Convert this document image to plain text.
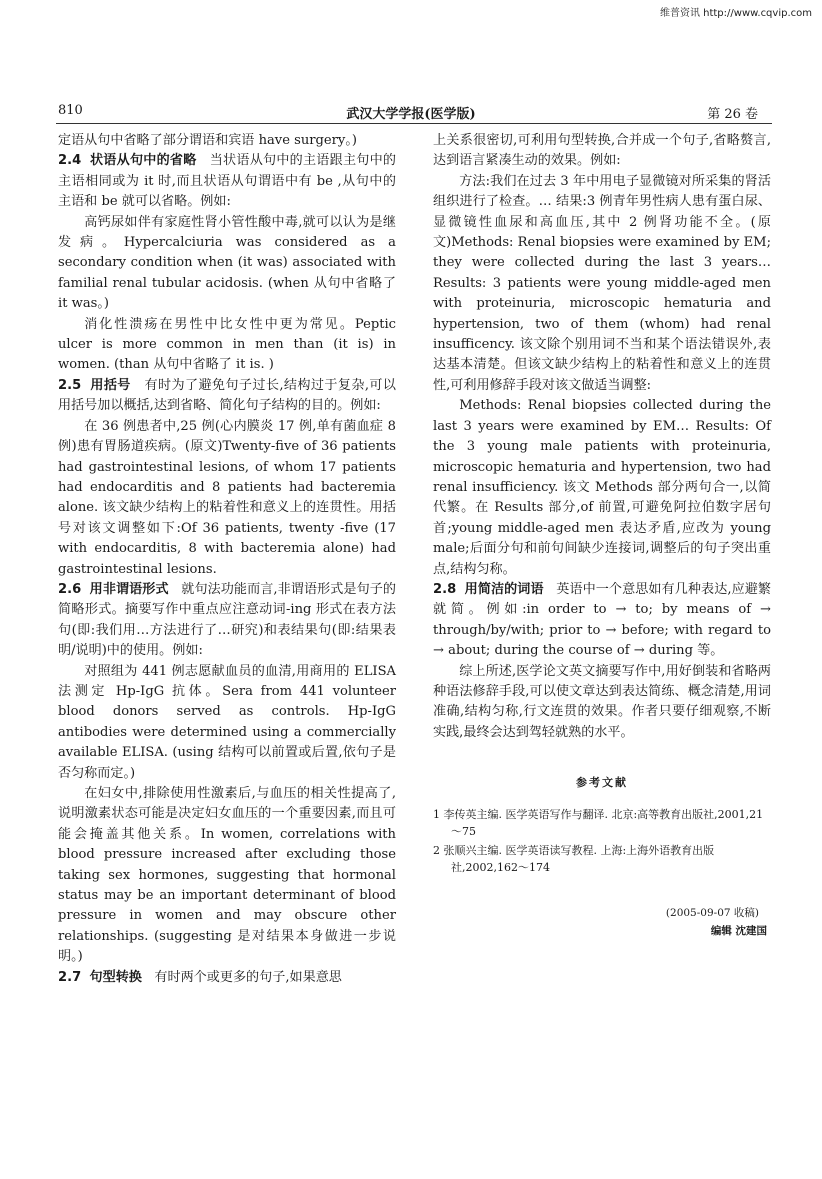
维普资讯 http://www.cqvip.com
810	武汉大学学报(医学版)	第 26 卷

定语从句中省略了部分谓语和宾语 have surgery。)

2.4 状语从句中的省略 当状语从句中的主语跟主句中的主语相同或为 it 时,而且状语从句谓语中有 be ,从句中的主语和 be 就可以省略。例如:

高钙尿如伴有家庭性肾小管性酸中毒,就可以认为是继发病。Hypercalciuria was considered as a secondary condition when (it was) associated with familial renal tubular acidosis. (when 从句中省略了 it was。)

消化性溃疡在男性中比女性中更为常见。Peptic ulcer is more common in men than (it is) in women. (than 从句中省略了 it is. )

2.5 用括号 有时为了避免句子过长,结构过于复杂,可以用括号加以概括,达到省略、简化句子结构的目的。例如:

在 36 例患者中,25 例(心内膜炎 17 例,单有菌血症 8 例)患有胃肠道疾病。(原文)Twenty-five of 36 patients had gastrointestinal lesions, of whom 17 patients had endocarditis and 8 patients had bacteremia alone. 该文缺少结构上的粘着性和意义上的连贯性。用括号对该文调整如下:Of 36 patients, twenty -five (17 with endocarditis, 8 with bacteremia alone) had gastrointestinal lesions.

2.6 用非谓语形式 就句法功能而言,非谓语形式是句子的简略形式。摘要写作中重点应注意动词-ing 形式在表方法句(即:我们用…方法进行了…研究)和表结果句(即:结果表明/说明)中的使用。例如:

对照组为 441 例志愿献血员的血清,用商用的 ELISA 法测定 Hp-IgG 抗体。Sera from 441 volunteer blood donors served as controls. Hp-IgG antibodies were determined using a commercially available ELISA. (using 结构可以前置或后置,依句子是否匀称而定。)

在妇女中,排除使用性激素后,与血压的相关性提高了,说明激素状态可能是决定妇女血压的一个重要因素,而且可能会掩盖其他关系。In women, correlations with blood pressure increased after excluding those taking sex hormones, suggesting that hormonal status may be an important determinant of blood pressure in women and may obscure other relationships. (suggesting 是对结果本身做进一步说明。)

2.7 句型转换 有时两个或更多的句子,如果意思

上关系很密切,可利用句型转换,合并成一个句子,省略赘言,达到语言紧凑生动的效果。例如:

方法:我们在过去 3 年中用电子显微镜对所采集的肾活组织进行了检查。… 结果:3 例青年男性病人患有蛋白尿、显微镜性血尿和高血压,其中 2 例肾功能不全。(原文)Methods: Renal biopsies were examined by EM; they were collected during the last 3 years… Results: 3 patients were young middle-aged men with proteinuria, microscopic hematuria and hypertension, two of them (whom) had renal insufficency. 该文除个别用词不当和某个语法错误外,表达基本清楚。但该文缺少结构上的粘着性和意义上的连贯性,可利用修辞手段对该文做适当调整:

Methods: Renal biopsies collected during the last 3 years were examined by EM… Results: Of the 3 young male patients with proteinuria, microscopic hematuria and hypertension, two had renal insufficiency. 该文 Methods 部分两句合一,以简代繁。在 Results 部分,of 前置,可避免阿拉伯数字居句首;young middle-aged men 表达矛盾,应改为 young male;后面分句和前句间缺少连接词,调整后的句子突出重点,结构匀称。

2.8 用简洁的词语 英语中一个意思如有几种表达,应避繁就简。例如:in order to → to; by means of → through/by/with; prior to → before; with regard to → about; during the course of → during 等。

综上所述,医学论文英文摘要写作中,用好倒装和省略两种语法修辞手段,可以使文章达到表达简练、概念清楚,用词准确,结构匀称,行文连贯的效果。作者只要仔细观察,不断实践,最终会达到驾轻就熟的水平。

参考文献
1 李传英主编. 医学英语写作与翻译. 北京:高等教育出版社,2001,21～75
2 张顺兴主编. 医学英语读写教程. 上海:上海外语教育出版社,2002,162～174
(2005-09-07 收稿)
编辑 沈建国
